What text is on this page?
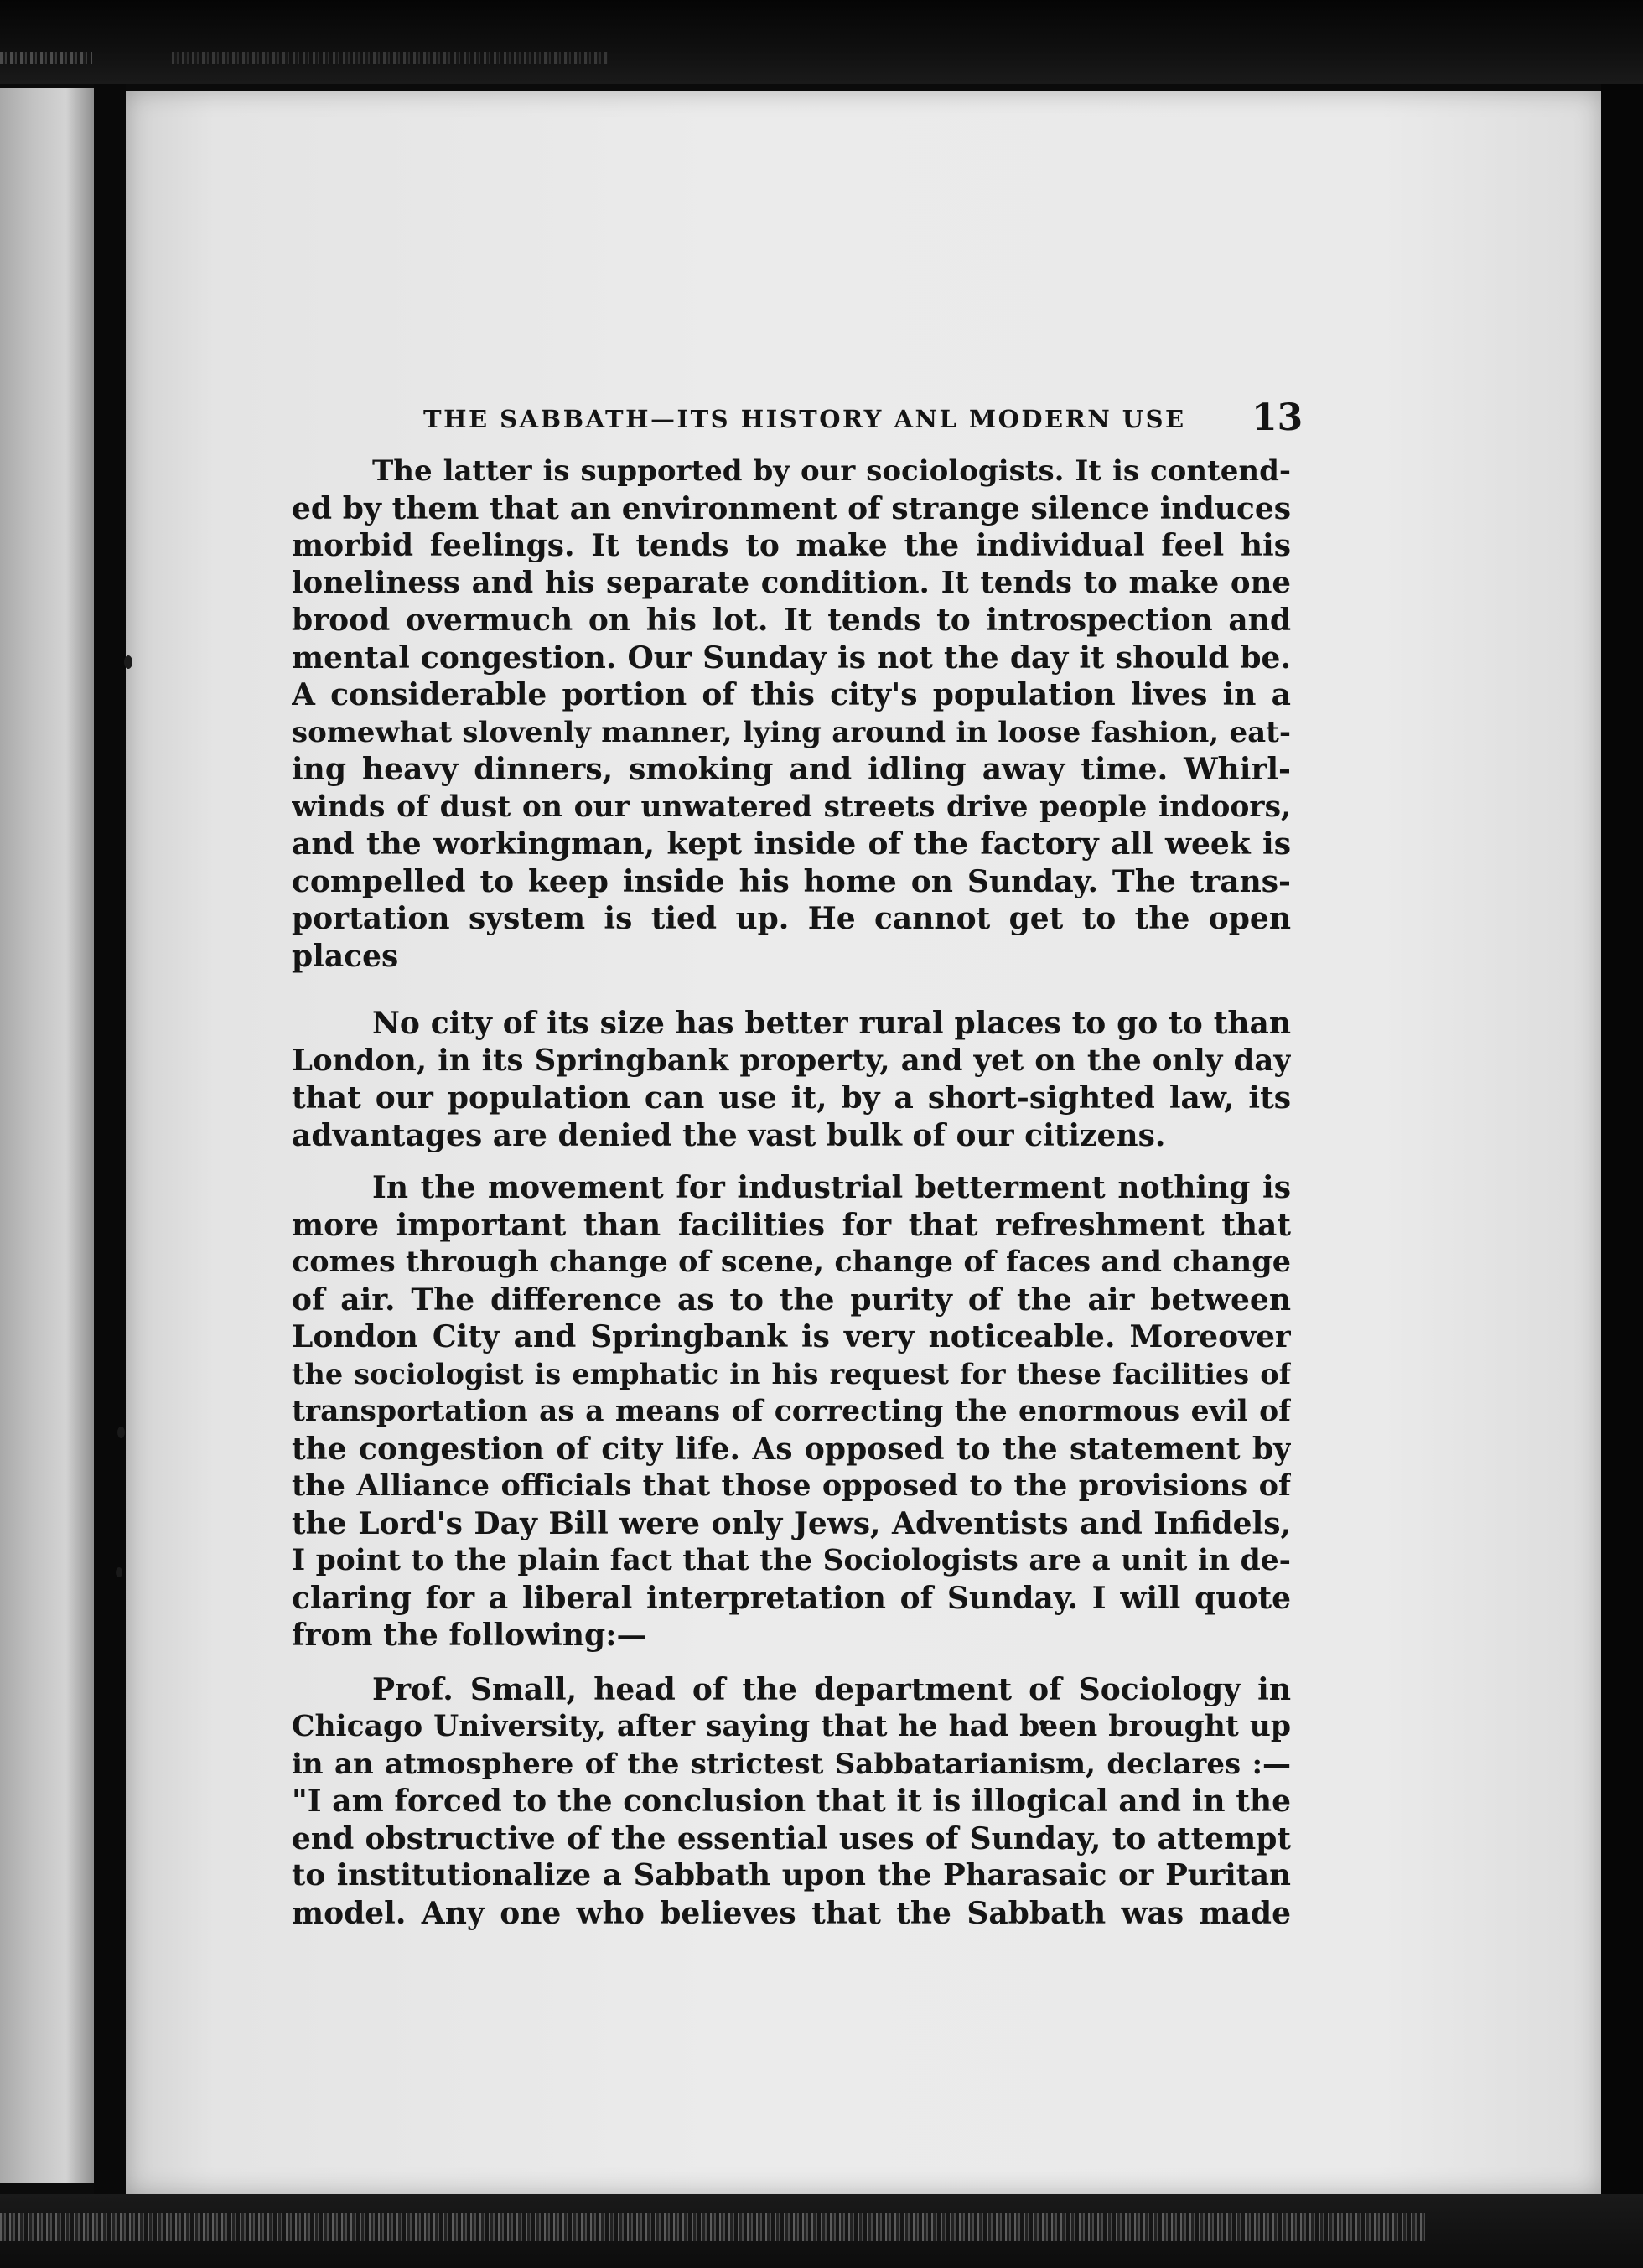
THE SABBATH—ITS HISTORY ANL MODERN USE	13
The latter is supported by our sociologists. It is contend-
ed by them that an environment of strange silence induces
morbid feelings. It tends to make the individual feel his
loneliness and his separate condition. It tends to make one
brood overmuch on his lot. It tends to introspection and
mental congestion. Our Sunday is not the day it should be.
A considerable portion of this city's population lives in a
somewhat slovenly manner, lying around in loose fashion, eat-
ing heavy dinners, smoking and idling away time. Whirl-
winds of dust on our unwatered streets drive people indoors,
and the workingman, kept inside of the factory all week is
compelled to keep inside his home on Sunday. The trans-
portation system is tied up. He cannot get to the open
places
No city of its size has better rural places to go to than
London, in its Springbank property, and yet on the only day
that our population can use it, by a short-sighted law, its
advantages are denied the vast bulk of our citizens.
In the movement for industrial betterment nothing is
more important than facilities for that refreshment that
comes through change of scene, change of faces and change
of air. The difference as to the purity of the air between
London City and Springbank is very noticeable. Moreover
the sociologist is emphatic in his request for these facilities of
transportation as a means of correcting the enormous evil of
the congestion of city life. As opposed to the statement by
the Alliance officials that those opposed to the provisions of
the Lord's Day Bill were only Jews, Adventists and Infidels,
I point to the plain fact that the Sociologists are a unit in de-
claring for a liberal interpretation of Sunday. I will quote
from the following:—
Prof. Small, head of the department of Sociology in
Chicago University, after saying that he had been brought up
in an atmosphere of the strictest Sabbatarianism, declares :—
"I am forced to the conclusion that it is illogical and in the
end obstructive of the essential uses of Sunday, to attempt
to institutionalize a Sabbath upon the Pharasaic or Puritan
model. Any one who believes that the Sabbath was made
